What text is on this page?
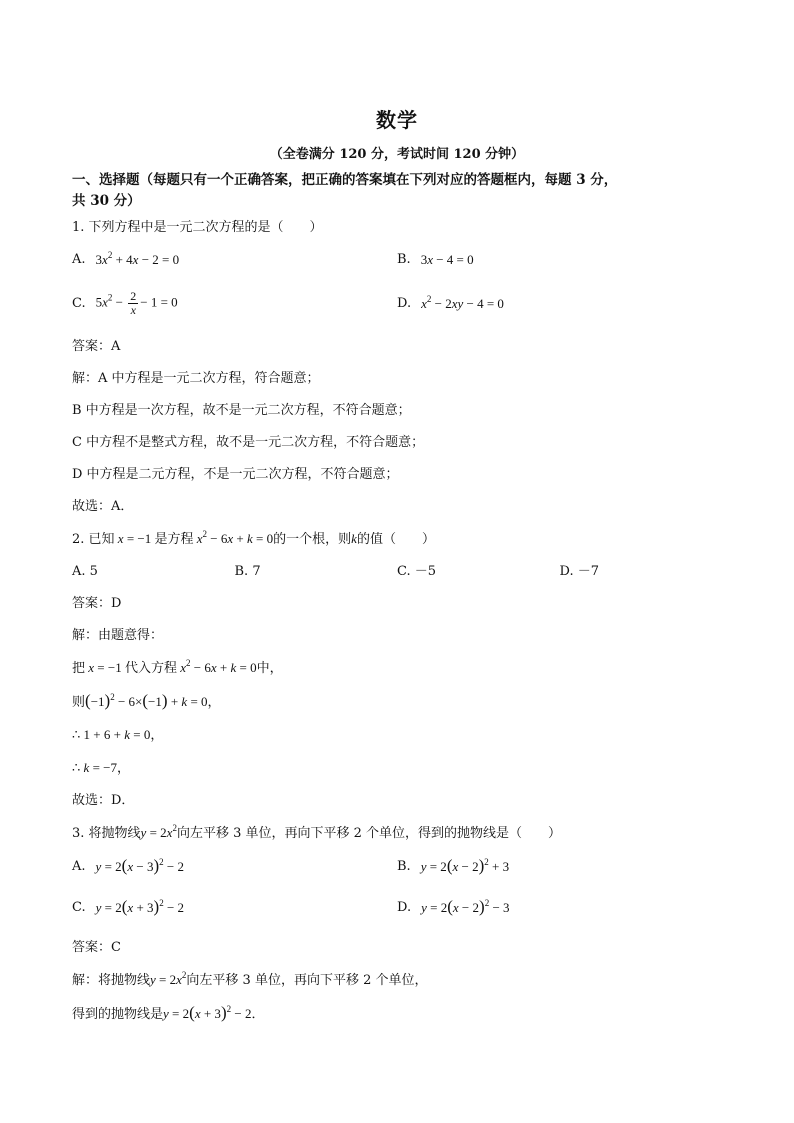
数学
（全卷满分 120 分，考试时间 120 分钟）
一、选择题（每题只有一个正确答案，把正确的答案填在下列对应的答题框内，每题 3 分，
共 30 分）

1. 下列方程中是一元二次方程的是（　　）

A. $3x^2 + 4x - 2 = 0$	B. 3x − 4 = 0
C. $5x^2 - \frac{2}{x} - 1 = 0$	D. $x^2 - 2xy - 4 = 0$

答案：A

解：A 中方程是一元二次方程，符合题意；

B 中方程是一次方程，故不是一元二次方程，不符合题意；

C 中方程不是整式方程，故不是一元二次方程，不符合题意；

D 中方程是二元方程，不是一元二次方程，不符合题意；

故选：A．

2. 已知 x = −1 是方程 $x^2 - 6x + k = 0$的一个根，则k的值（　　）

A. 5	B. 7	C. －5	D. －7

答案：D

解：由题意得：

把 x = −1 代入方程 $x^2 - 6x + k = 0$中，

则$(-1)^2 - 6\times(-1) + k = 0$，

∴ 1 + 6 + k = 0，

∴ k = −7，

故选：D．

3. 将抛物线$y = 2x^2$向左平移 3 单位，再向下平移 2 个单位，得到的抛物线是（　　）

A. $y = 2(x - 3)^2 - 2$	B. $y = 2(x - 2)^2 + 3$
C. $y = 2(x + 3)^2 - 2$	D. $y = 2(x - 2)^2 - 3$

答案：C

解：将抛物线$y = 2x^2$向左平移 3 单位，再向下平移 2 个单位，

得到的抛物线是$y = 2(x + 3)^2 - 2$．
